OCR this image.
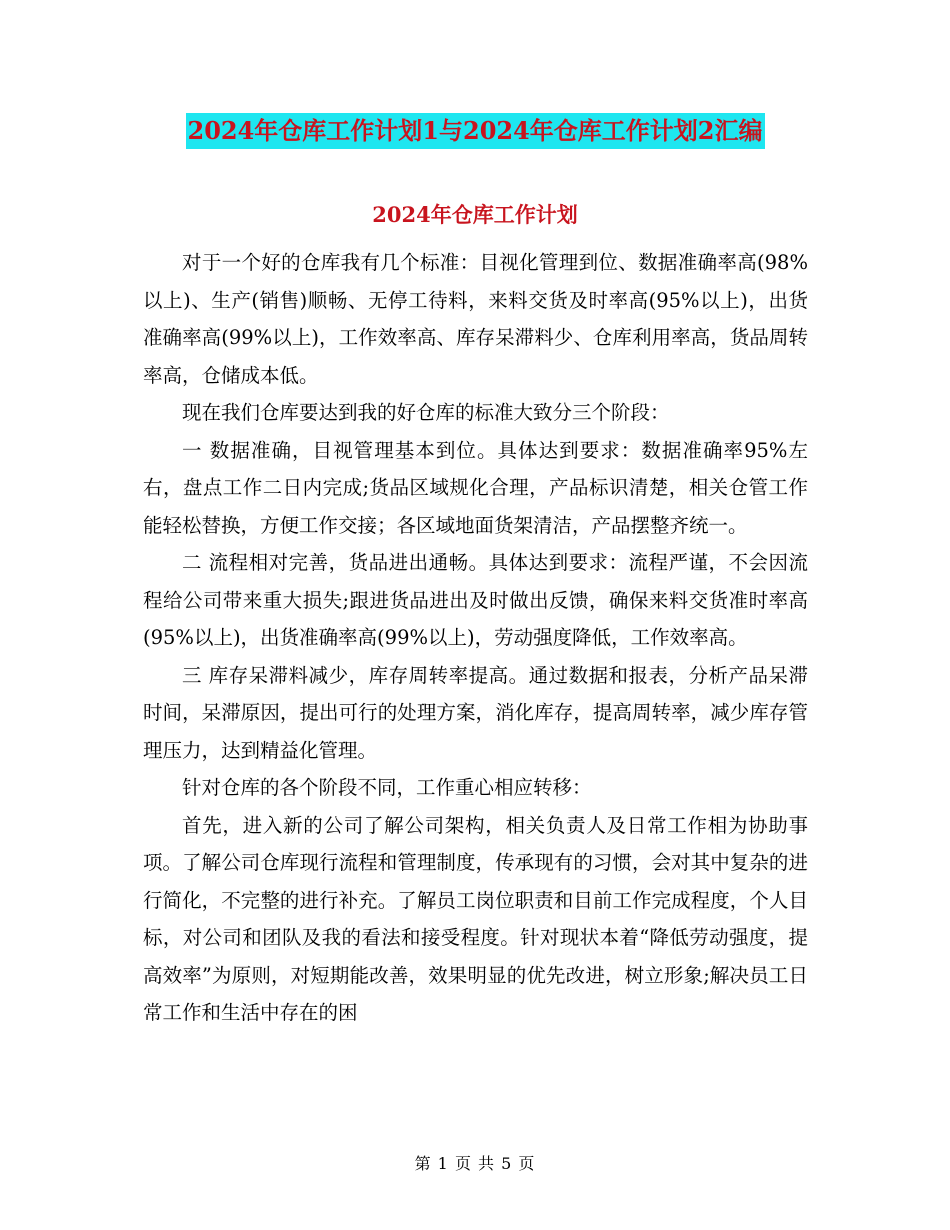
2024年仓库工作计划1与2024年仓库工作计划2汇编
2024年仓库工作计划

对于一个好的仓库我有几个标准：目视化管理到位、数据准确率高(98%以上)、生产(销售)顺畅、无停工待料，来料交货及时率高(95%以上)，出货准确率高(99%以上)，工作效率高、库存呆滞料少、仓库利用率高，货品周转率高，仓储成本低。

现在我们仓库要达到我的好仓库的标准大致分三个阶段：

一 数据准确，目视管理基本到位。具体达到要求：数据准确率95%左右，盘点工作二日内完成;货品区域规化合理，产品标识清楚，相关仓管工作能轻松替换，方便工作交接；各区域地面货架清洁，产品摆整齐统一。

二 流程相对完善，货品进出通畅。具体达到要求：流程严谨，不会因流程给公司带来重大损失;跟进货品进出及时做出反馈，确保来料交货准时率高(95%以上)，出货准确率高(99%以上)，劳动强度降低，工作效率高。

三 库存呆滞料减少，库存周转率提高。通过数据和报表，分析产品呆滞时间，呆滞原因，提出可行的处理方案，消化库存，提高周转率，减少库存管理压力，达到精益化管理。

针对仓库的各个阶段不同，工作重心相应转移：

首先，进入新的公司了解公司架构，相关负责人及日常工作相为协助事项。了解公司仓库现行流程和管理制度，传承现有的习惯，会对其中复杂的进行简化，不完整的进行补充。了解员工岗位职责和目前工作完成程度，个人目标，对公司和团队及我的看法和接受程度。针对现状本着“降低劳动强度，提高效率”为原则，对短期能改善，效果明显的优先改进，树立形象;解决员工日常工作和生活中存在的困

第 1 页 共 5 页
